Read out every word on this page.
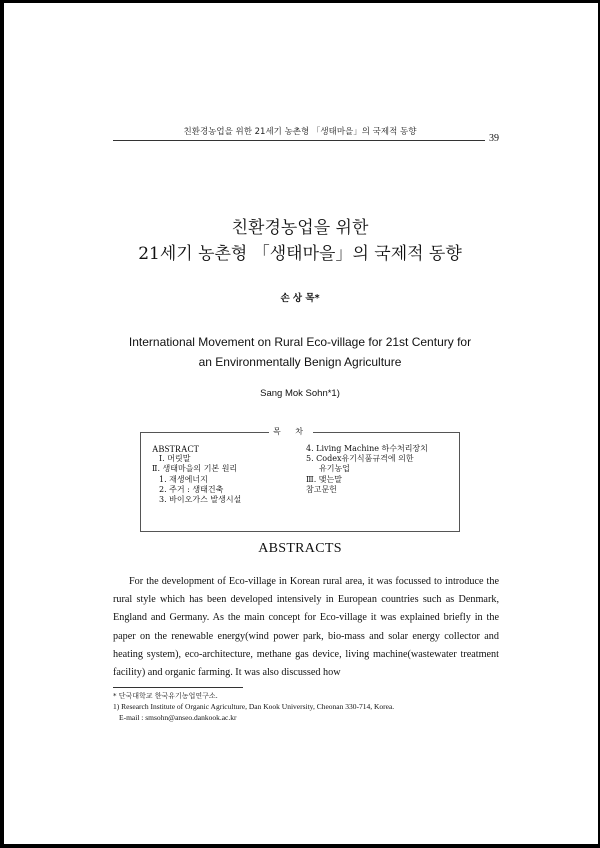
친환경농업을 위한 21세기 농촌형 「생태마을」의 국제적 동향
39
친환경농업을 위한
21세기 농촌형 「생태마을」의 국제적 동향
손 상 목*
International Movement on Rural Eco-village for 21st Century for
an Environmentally Benign Agriculture
Sang Mok Sohn*1)
목 차
ABSTRACT
Ⅰ. 머릿말
Ⅱ. 생태마을의 기본 원리
1. 재생에너지
2. 주거 : 생태건축
3. 바이오가스 발생시설
4. Living Machine 하수처리장치
5. Codex유기식품규격에 의한
유기농업
Ⅲ. 맺는말
참고문헌
ABSTRACTS

For the development of Eco-village in Korean rural area, it was focussed to introduce the rural style which has been developed intensively in European countries such as Denmark, England and Germany. As the main concept for Eco-village it was explained briefly in the paper on the renewable energy(wind power park, bio-mass and solar energy collector and heating system), eco-architecture, methane gas device, living machine(wastewater treatment facility) and organic farming. It was also discussed how

* 단국대학교 한국유기농업연구소.
1) Research Institute of Organic Agriculture, Dan Kook University, Cheonan 330-714, Korea.
E-mail : smsohn@anseo.dankook.ac.kr
